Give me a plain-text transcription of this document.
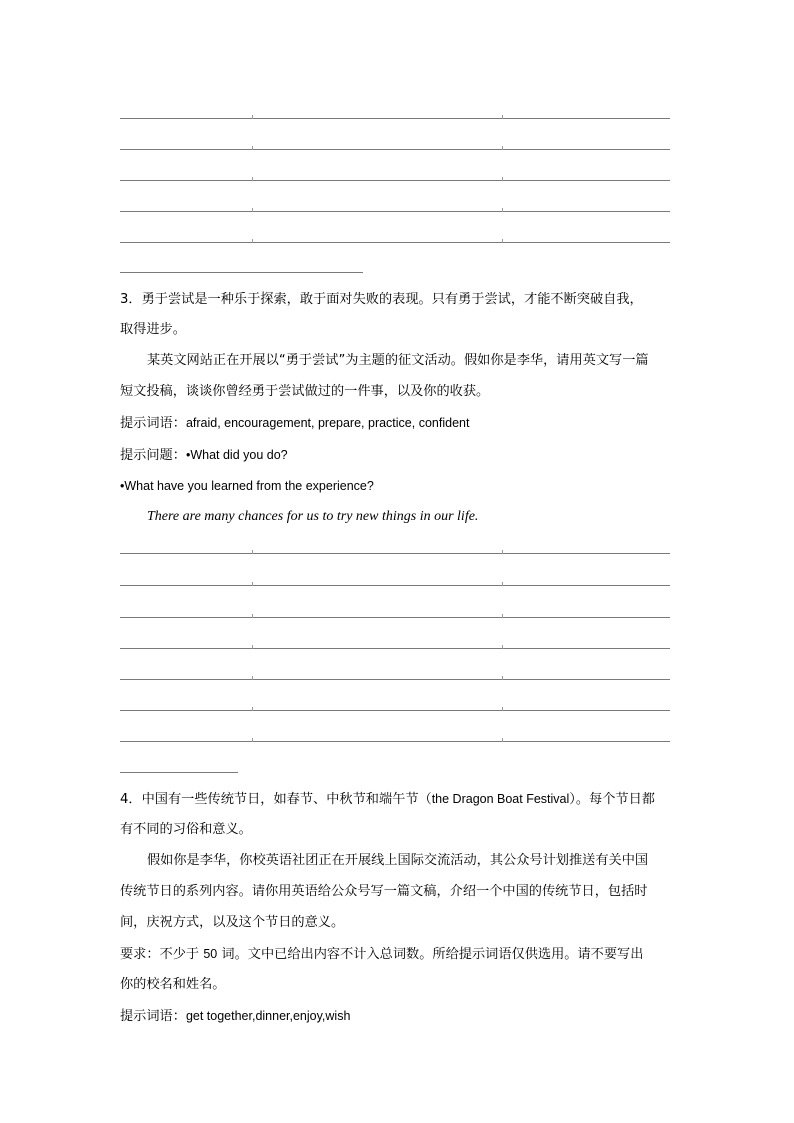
3．勇于尝试是一种乐于探索，敢于面对失败的表现。只有勇于尝试，才能不断突破自我，
取得进步。
某英文网站正在开展以“勇于尝试”为主题的征文活动。假如你是李华，请用英文写一篇
短文投稿，谈谈你曾经勇于尝试做过的一件事，以及你的收获。
提示词语：afraid, encouragement, prepare, practice, confident
提示问题：•What did you do?
•What have you learned from the experience?
There are many chances for us to try new things in our life.
4．中国有一些传统节日，如春节、中秋节和端午节（the Dragon Boat Festival）。每个节日都
有不同的习俗和意义。
假如你是李华，你校英语社团正在开展线上国际交流活动，其公众号计划推送有关中国
传统节日的系列内容。请你用英语给公众号写一篇文稿，介绍一个中国的传统节日，包括时
间，庆祝方式，以及这个节日的意义。
要求：不少于 50 词。文中已给出内容不计入总词数。所给提示词语仅供选用。请不要写出
你的校名和姓名。
提示词语：get together,dinner,enjoy,wish
